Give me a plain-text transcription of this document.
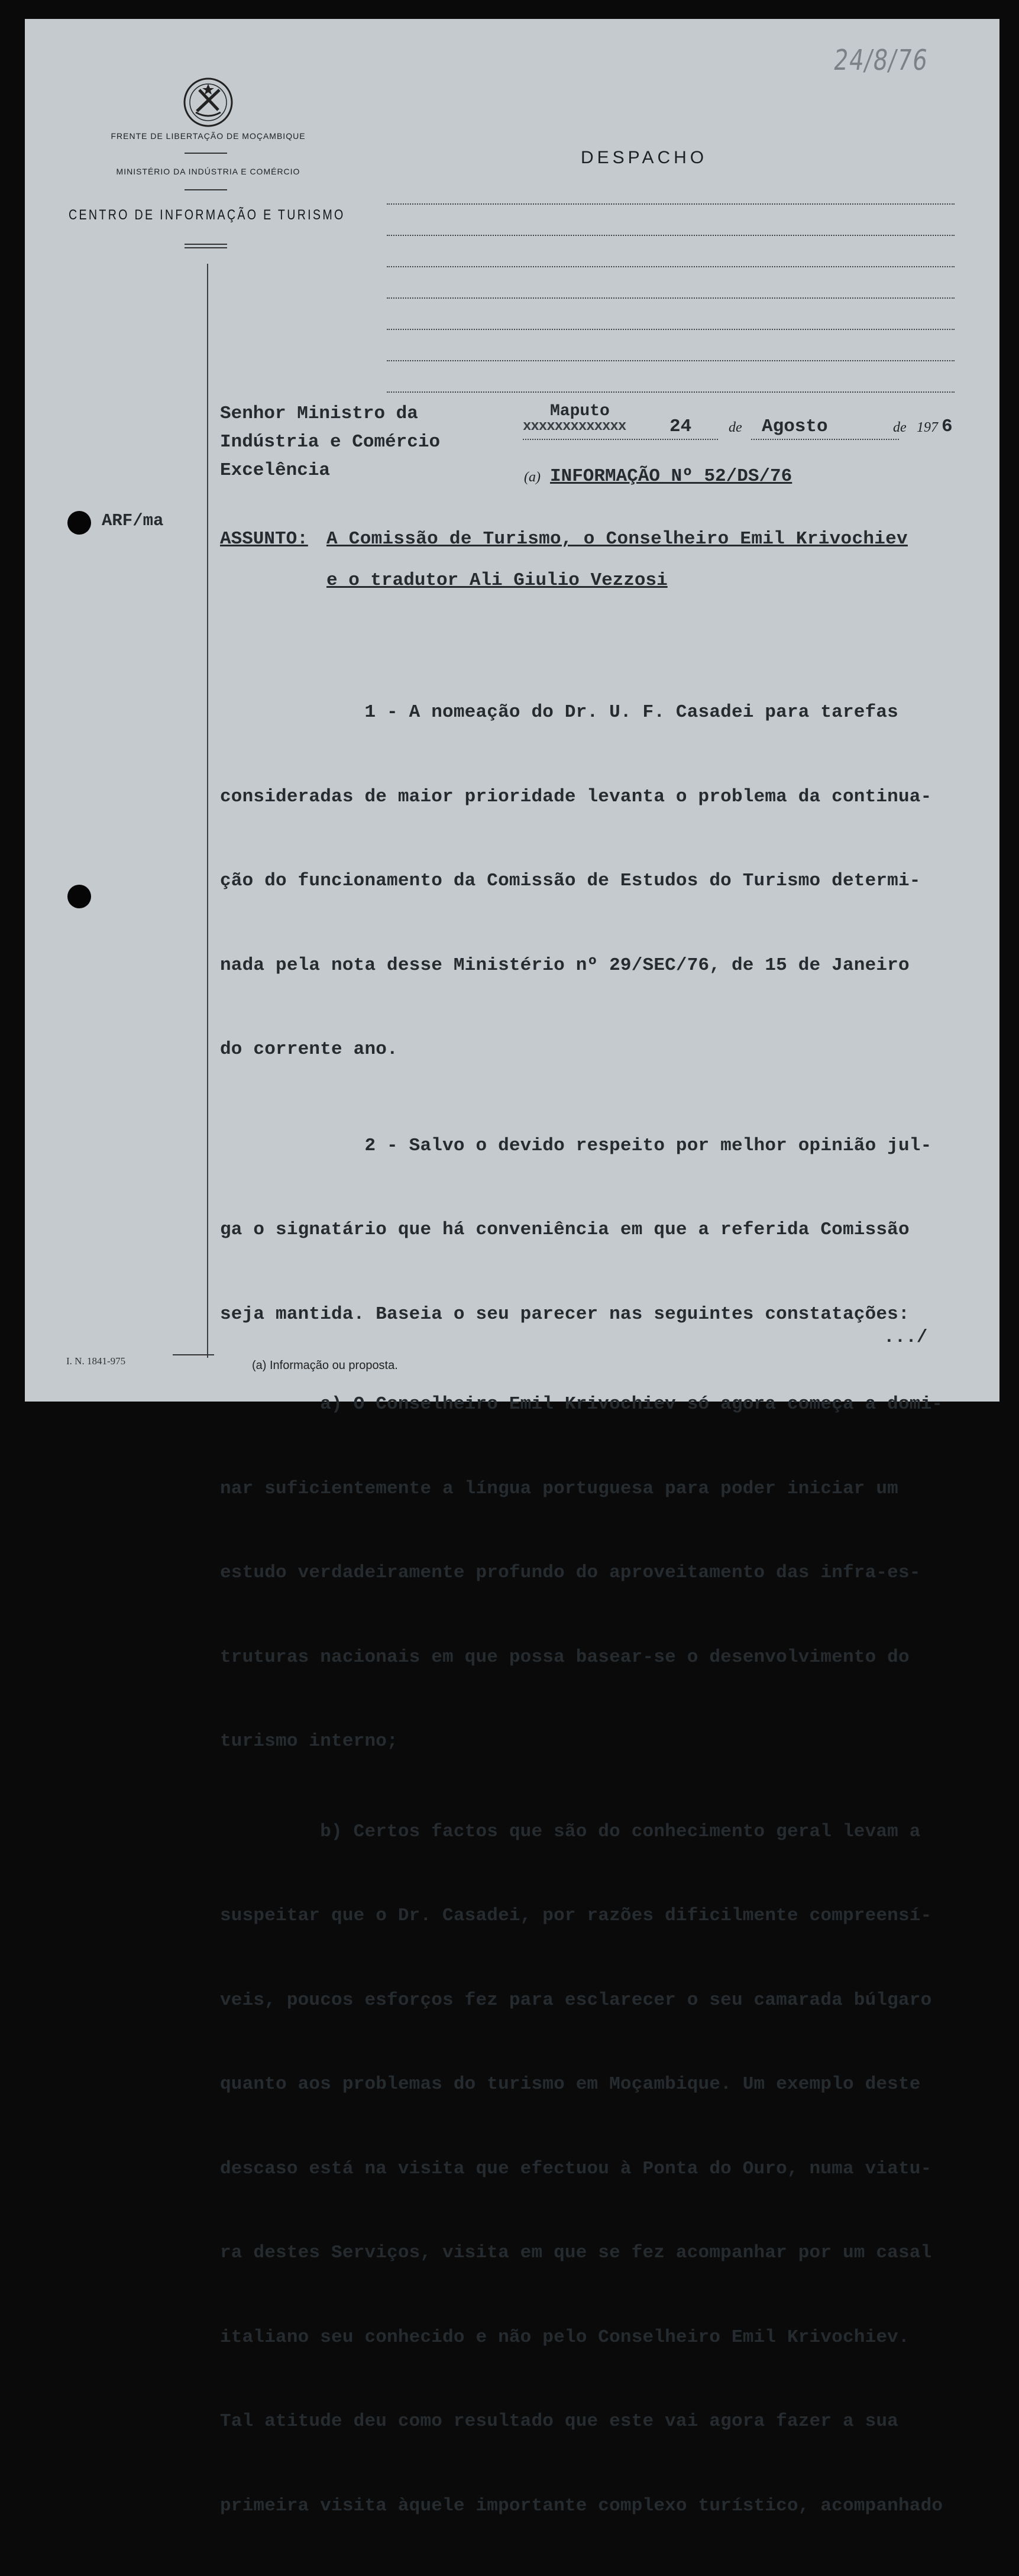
FRENTE DE LIBERTAÇÃO DE MOÇAMBIQUE
MINISTÉRIO DA INDÚSTRIA E COMÉRCIO
CENTRO DE INFORMAÇÃO E TURISMO
24/8/76
DESPACHO
Senhor Ministro da
Indústria e Comércio
Excelência
Maputo
xxxxxxxxxxxxx 24	de Agosto	de 197 6
(a) INFORMAÇÃO Nº 52/DS/76
ARF/ma
ASSUNTO: A Comissão de Turismo, o Conselheiro Emil Krivochiev
e o tradutor Ali Giulio Vezzosi

1 - A nomeação do Dr. U. F. Casadei para tarefas

consideradas de maior prioridade levanta o problema da continua-

ção do funcionamento da Comissão de Estudos do Turismo determi-

nada pela nota desse Ministério nº 29/SEC/76, de 15 de Janeiro

do corrente ano.

2 - Salvo o devido respeito por melhor opinião jul-

ga o signatário que há conveniência em que a referida Comissão

seja mantida. Baseia o seu parecer nas seguintes constatações:

a) O Conselheiro Emil Krivochiev só agora começa a domi-

nar suficientemente a língua portuguesa para poder iniciar um

estudo verdadeiramente profundo do aproveitamento das infra-es-

truturas nacionais em que possa basear-se o desenvolvimento do

turismo interno;

b) Certos factos que são do conhecimento geral levam a

suspeitar que o Dr. Casadei, por razões dificilmente compreensí-

veis, poucos esforços fez para esclarecer o seu camarada búlgaro

quanto aos problemas do turismo em Moçambique. Um exemplo deste

descaso está na visita que efectuou à Ponta do Ouro, numa viatu-

ra destes Serviços, visita em que se fez acompanhar por um casal

italiano seu conhecido e não pelo Conselheiro Emil Krivochiev.

Tal atitude deu como resultado que este vai agora fazer a sua

primeira visita àquele importante complexo turístico, acompanhado

.../
I. N. 1841-975	(a) Informação ou proposta.
